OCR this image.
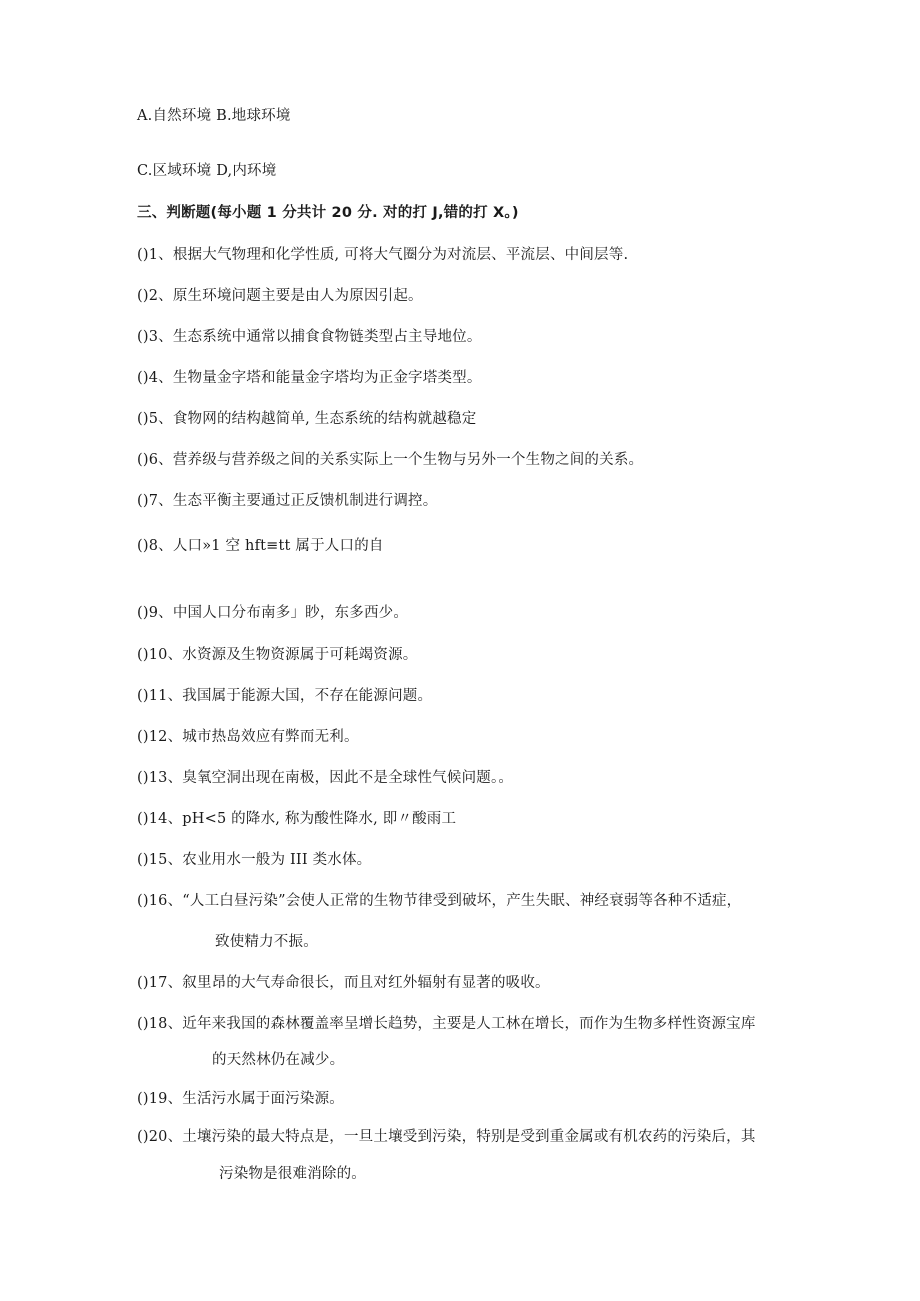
A.自然环境 B.地球环境
C.区域环境 D,内环境
三、判断题(每小题 1 分共计 20 分. 对的打 J,错的打 X。)
()1、根据大气物理和化学性质, 可将大气圈分为对流层、平流层、中间层等.
()2、原生环境问题主要是由人为原因引起。
()3、生态系统中通常以捕食食物链类型占主导地位。
()4、生物量金字塔和能量金字塔均为正金字塔类型。
()5、食物网的结构越简单, 生态系统的结构就越稳定
()6、营养级与营养级之间的关系实际上一个生物与另外一个生物之间的关系。
()7、生态平衡主要通过正反馈机制进行调控。
()8、人口»1 空 hft≡tt 属于人口的自
()9、中国人口分布南多」眇，东多西少。
()10、水资源及生物资源属于可耗竭资源。
()11、我国属于能源大国，不存在能源问题。
()12、城市热岛效应有弊而无利。
()13、臭氧空洞出现在南极，因此不是全球性气候问题。。
()14、pH<5 的降水, 称为酸性降水, 即〃酸雨工
()15、农业用水一般为 III 类水体。
()16、“人工白昼污染”会使人正常的生物节律受到破坏，产生失眠、神经衰弱等各种不适症，
致使精力不振。
()17、叙里昂的大气寿命很长，而且对红外辐射有显著的吸收。
()18、近年来我国的森林覆盖率呈增长趋势，主要是人工林在增长，而作为生物多样性资源宝库
的天然林仍在减少。
()19、生活污水属于面污染源。
()20、土壤污染的最大特点是，一旦土壤受到污染，特别是受到重金属或有机农药的污染后，其
污染物是很难消除的。
